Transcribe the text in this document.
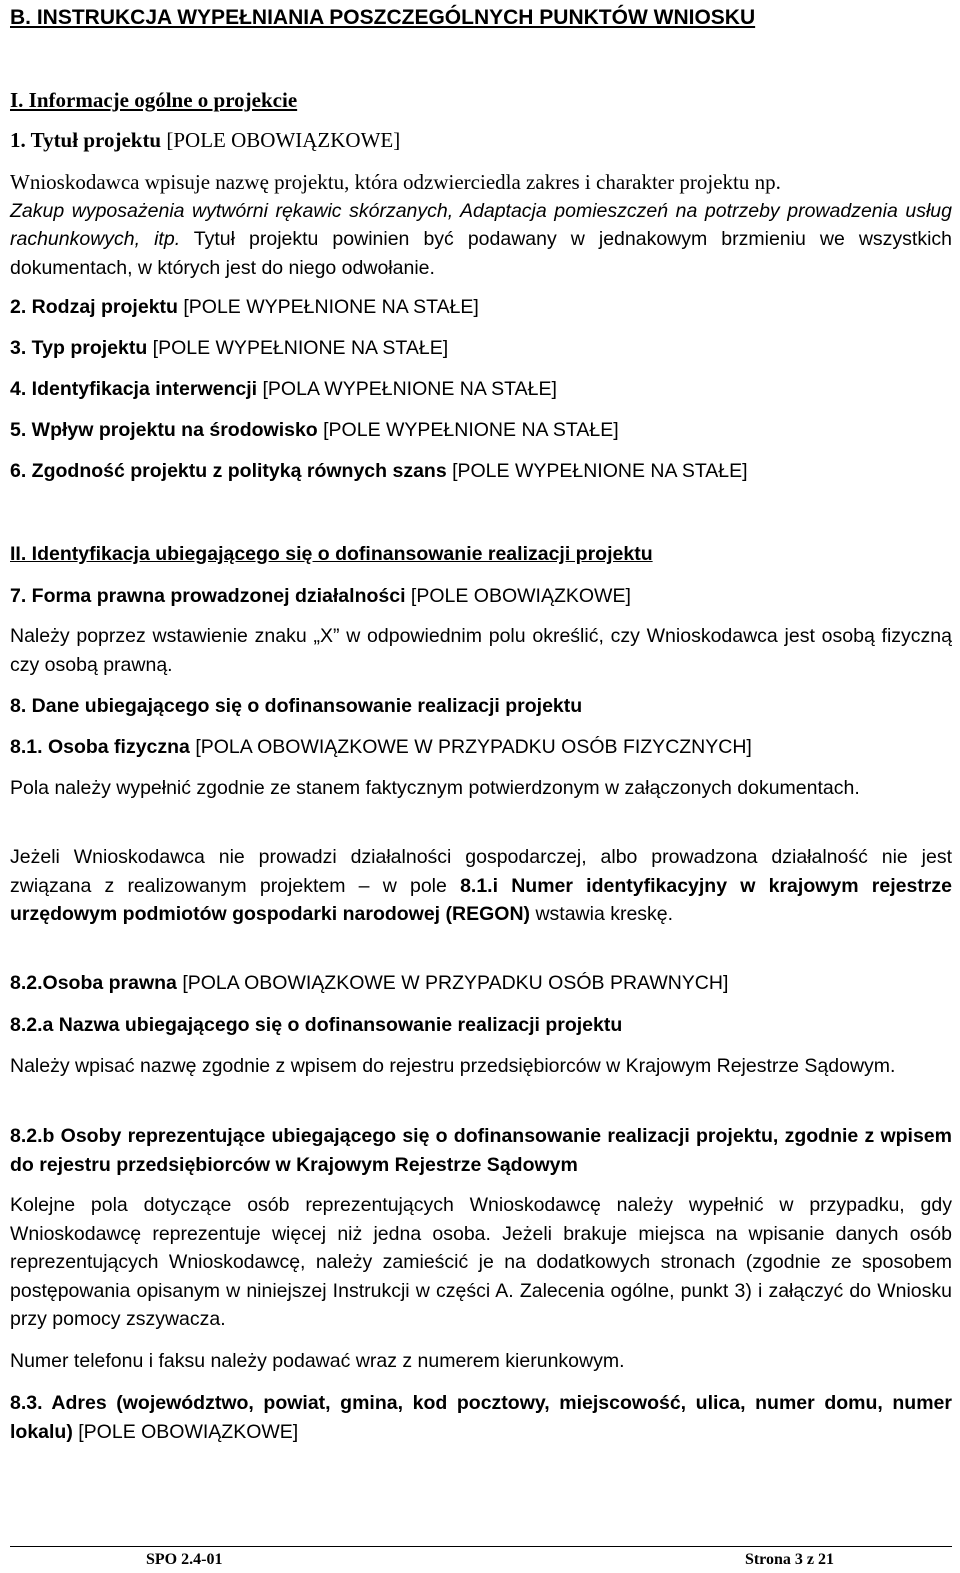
B. INSTRUKCJA WYPEŁNIANIA POSZCZEGÓLNYCH PUNKTÓW WNIOSKU
I. Informacje ogólne o projekcie
1. Tytuł projektu [POLE OBOWIĄZKOWE]
Wnioskodawca wpisuje nazwę projektu, która odzwierciedla zakres i charakter projektu np.
Zakup wyposażenia wytwórni rękawic skórzanych, Adaptacja pomieszczeń na potrzeby prowadzenia usług rachunkowych, itp. Tytuł projektu powinien być podawany w jednakowym brzmieniu we wszystkich dokumentach, w których jest do niego odwołanie.
2. Rodzaj projektu [POLE WYPEŁNIONE NA STAŁE]
3. Typ projektu [POLE WYPEŁNIONE NA STAŁE]
4. Identyfikacja interwencji [POLA WYPEŁNIONE NA STAŁE]
5. Wpływ projektu na środowisko [POLE WYPEŁNIONE NA STAŁE]
6. Zgodność projektu z polityką równych szans [POLE WYPEŁNIONE NA STAŁE]
II. Identyfikacja ubiegającego się o dofinansowanie realizacji projektu
7. Forma prawna prowadzonej działalności [POLE OBOWIĄZKOWE]
Należy poprzez wstawienie znaku „X” w odpowiednim polu określić, czy Wnioskodawca jest osobą fizyczną czy osobą prawną.
8. Dane ubiegającego się o dofinansowanie realizacji projektu
8.1. Osoba fizyczna [POLA OBOWIĄZKOWE W PRZYPADKU OSÓB FIZYCZNYCH]
Pola należy wypełnić zgodnie ze stanem faktycznym potwierdzonym w załączonych dokumentach.
Jeżeli Wnioskodawca nie prowadzi działalności gospodarczej, albo prowadzona działalność nie jest związana z realizowanym projektem – w pole 8.1.i Numer identyfikacyjny w krajowym rejestrze urzędowym podmiotów gospodarki narodowej (REGON) wstawia kreskę.
8.2.Osoba prawna [POLA OBOWIĄZKOWE W PRZYPADKU OSÓB PRAWNYCH]
8.2.a Nazwa ubiegającego się o dofinansowanie realizacji projektu
Należy wpisać nazwę zgodnie z wpisem do rejestru przedsiębiorców w Krajowym Rejestrze Sądowym.
8.2.b Osoby reprezentujące ubiegającego się o dofinansowanie realizacji projektu, zgodnie z wpisem do rejestru przedsiębiorców w Krajowym Rejestrze Sądowym
Kolejne pola dotyczące osób reprezentujących Wnioskodawcę należy wypełnić w przypadku, gdy Wnioskodawcę reprezentuje więcej niż jedna osoba. Jeżeli brakuje miejsca na wpisanie danych osób reprezentujących Wnioskodawcę, należy zamieścić je na dodatkowych stronach (zgodnie ze sposobem postępowania opisanym w niniejszej Instrukcji w części A. Zalecenia ogólne, punkt 3) i załączyć do Wniosku przy pomocy zszywacza.
Numer telefonu i faksu należy podawać wraz z numerem kierunkowym.
8.3. Adres (województwo, powiat, gmina, kod pocztowy, miejscowość, ulica, numer domu, numer lokalu) [POLE OBOWIĄZKOWE]
SPO 2.4-01	Strona 3 z 21
